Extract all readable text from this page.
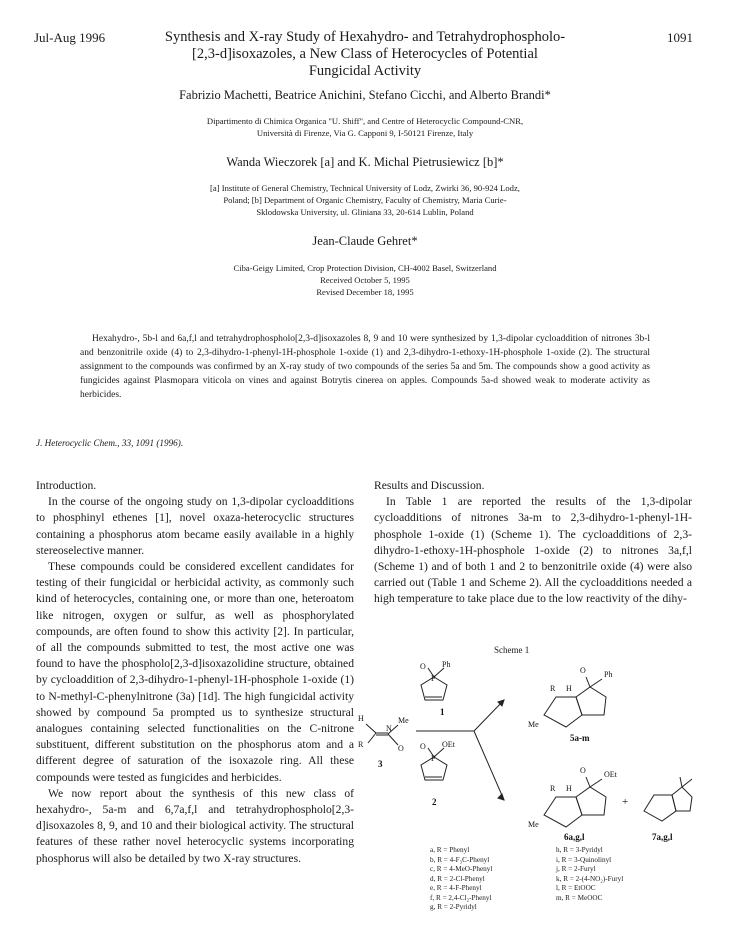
Jul-Aug 1996	1091
Synthesis and X-ray Study of Hexahydro- and Tetrahydrophospholo-
[2,3-d]isoxazoles, a New Class of Heterocycles of Potential
Fungicidal Activity
Fabrizio Machetti, Beatrice Anichini, Stefano Cicchi, and Alberto Brandi*
Dipartimento di Chimica Organica "U. Shiff", and Centre of Heterocyclic Compound-CNR,
Università di Firenze, Via G. Capponi 9, I-50121 Firenze, Italy
Wanda Wieczorek [a] and K. Michal Pietrusiewicz [b]*
[a] Institute of General Chemistry, Technical University of Lodz, Zwirki 36, 90-924 Lodz,
Poland; [b] Department of Organic Chemistry, Faculty of Chemistry, Maria Curie-
Sklodowska University, ul. Gliniana 33, 20-614 Lublin, Poland
Jean-Claude Gehret*
Ciba-Geigy Limited, Crop Protection Division, CH-4002 Basel, Switzerland
Received October 5, 1995
Revised December 18, 1995
Hexahydro-, 5b-l and 6a,f,l and tetrahydrophospholo[2,3-d]isoxazoles 8, 9 and 10 were synthesized by 1,3-dipolar cycloaddition of nitrones 3b-l and benzonitrile oxide (4) to 2,3-dihydro-1-phenyl-1H-phosphole 1-oxide (1) and 2,3-dihydro-1-ethoxy-1H-phosphole 1-oxide (2). The structural assignment to the compounds was confirmed by an X-ray study of two compounds of the series 5a and 5m. The compounds show a good activity as fungicides against Plasmopara viticola on vines and against Botrytis cinerea on apples. Compounds 5a-d showed weak to moderate activity as herbicides.
J. Heterocyclic Chem., 33, 1091 (1996).

Introduction.

In the course of the ongoing study on 1,3-dipolar cycloadditions to phosphinyl ethenes [1], novel oxaza-heterocyclic structures containing a phosphorus atom became easily available in a highly stereoselective manner.

These compounds could be considered excellent candidates for testing of their fungicidal or herbicidal activity, as commonly such kind of heterocycles, containing one, or more than one, heteroatom like nitrogen, oxygen or sulfur, as well as phosphorylated compounds, are often found to show this activity [2]. In particular, of all the compounds submitted to test, the most active one was found to have the phospholo[2,3-d]isoxazolidine structure, obtained by cycloaddition of 2,3-dihydro-1-phenyl-1H-phosphole 1-oxide (1) to N-methyl-C-phenylnitrone (3a) [1d]. The high fungicidal activity showed by compound 5a prompted us to synthesize structural analogues containing selected functionalities on the C-nitrone substituent, different substitution on the phosphorus atom and a different degree of saturation of the isoxazole ring. All these compounds were tested as fungicides and herbicides.

We now report about the synthesis of this new class of hexahydro-, 5a-m and 6,7a,f,l and tetrahydrophospholo[2,3-d]isoxazoles 8, 9, and 10 and their biological activity. The structural features of these rather novel heterocyclic systems incorporating phosphorus will also be detailed by two X-ray structures.

Results and Discussion.

In Table 1 are reported the results of the 1,3-dipolar cycloadditions of nitrones 3a-m to 2,3-dihydro-1-phenyl-1H-phosphole 1-oxide (1) (Scheme 1). The cycloadditions of 2,3-dihydro-1-ethoxy-1H-phosphole 1-oxide (2) to nitrones 3a,f,l (Scheme 1) and of both 1 and 2 to benzonitrile oxide (4) were also carried out (Table 1 and Scheme 2). All the cycloadditions needed a high temperature to take place due to the low reactivity of the dihy-

Scheme 1
H	Me
R	O
N
3
O
P
Ph
1
O
P
OEt
2
R H
O Ph
Me
5a-m
R H
O OEt
Me
+
6a,g,l	7a,g,l
a, R = Phenyl
b, R = 4-F₃C-Phenyl
c, R = 4-MeO-Phenyl
d, R = 2-Cl-Phenyl
e, R = 4-F-Phenyl
f, R = 2,4-Cl₂-Phenyl
g, R = 2-Pyridyl
h, R = 3-Pyridyl
i, R = 3-Quinolinyl
j, R = 2-Furyl
k, R = 2-(4-NO₂)-Furyl
l, R = EtOOC
m, R = MeOOC
